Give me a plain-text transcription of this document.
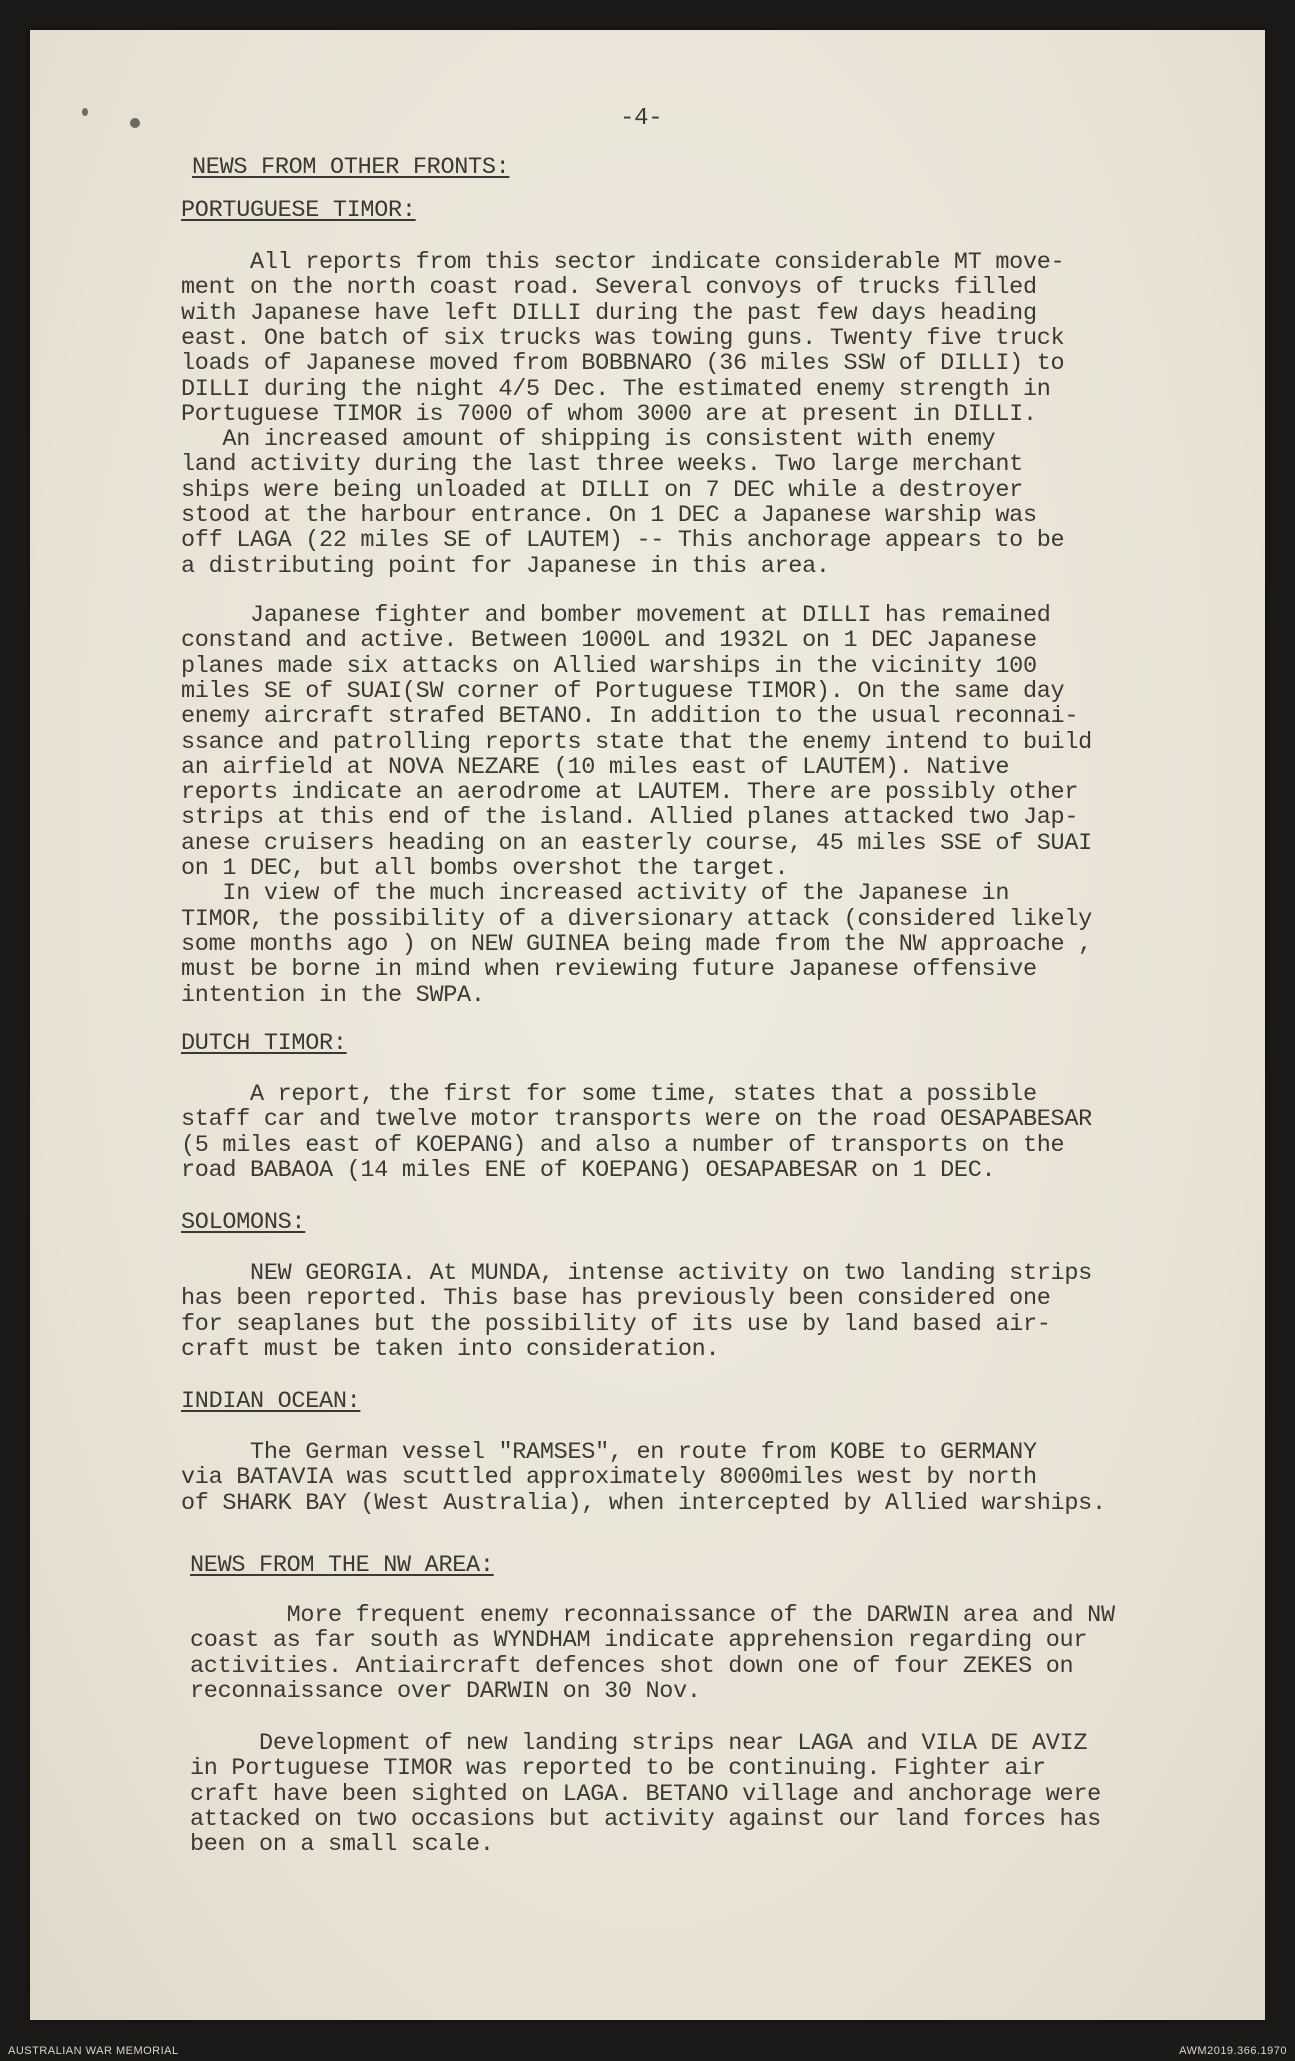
-4-
NEWS FROM OTHER FRONTS:
PORTUGUESE TIMOR:
All reports from this sector indicate considerable MT move-
ment on the north coast road. Several convoys of trucks filled
with Japanese have left DILLI during the past few days heading
east. One batch of six trucks was towing guns. Twenty five truck
loads of Japanese moved from BOBBNARO (36 miles SSW of DILLI) to
DILLI during the night 4/5 Dec. The estimated enemy strength in
Portuguese TIMOR is 7000 of whom 3000 are at present in DILLI.
An increased amount of shipping is consistent with enemy
land activity during the last three weeks. Two large merchant
ships were being unloaded at DILLI on 7 DEC while a destroyer
stood at the harbour entrance. On 1 DEC a Japanese warship was
off LAGA (22 miles SE of LAUTEM) -- This anchorage appears to be
a distributing point for Japanese in this area.
Japanese fighter and bomber movement at DILLI has remained
constand and active. Between 1000L and 1932L on 1 DEC Japanese
planes made six attacks on Allied warships in the vicinity 100
miles SE of SUAI(SW corner of Portuguese TIMOR). On the same day
enemy aircraft strafed BETANO. In addition to the usual reconnai-
ssance and patrolling reports state that the enemy intend to build
an airfield at NOVA NEZARE (10 miles east of LAUTEM). Native
reports indicate an aerodrome at LAUTEM. There are possibly other
strips at this end of the island. Allied planes attacked two Jap-
anese cruisers heading on an easterly course, 45 miles SSE of SUAI
on 1 DEC, but all bombs overshot the target.
In view of the much increased activity of the Japanese in
TIMOR, the possibility of a diversionary attack (considered likely
some months ago ) on NEW GUINEA being made from the NW approache ,
must be borne in mind when reviewing future Japanese offensive
intention in the SWPA.
DUTCH TIMOR:
A report, the first for some time, states that a possible
staff car and twelve motor transports were on the road OESAPABESAR
(5 miles east of KOEPANG) and also a number of transports on the
road BABAOA (14 miles ENE of KOEPANG) OESAPABESAR on 1 DEC.
SOLOMONS:
NEW GEORGIA. At MUNDA, intense activity on two landing strips
has been reported. This base has previously been considered one
for seaplanes but the possibility of its use by land based air-
craft must be taken into consideration.
INDIAN OCEAN:
The German vessel "RAMSES", en route from KOBE to GERMANY
via BATAVIA was scuttled approximately 8000miles west by north
of SHARK BAY (West Australia), when intercepted by Allied warships.
NEWS FROM THE NW AREA:
More frequent enemy reconnaissance of the DARWIN area and NW
coast as far south as WYNDHAM indicate apprehension regarding our
activities. Antiaircraft defences shot down one of four ZEKES on
reconnaissance over DARWIN on 30 Nov.
Development of new landing strips near LAGA and VILA DE AVIZ
in Portuguese TIMOR was reported to be continuing. Fighter air
craft have been sighted on LAGA. BETANO village and anchorage were
attacked on two occasions but activity against our land forces has
been on a small scale.
AUSTRALIAN WAR MEMORIAL	AWM2019.366.1970
